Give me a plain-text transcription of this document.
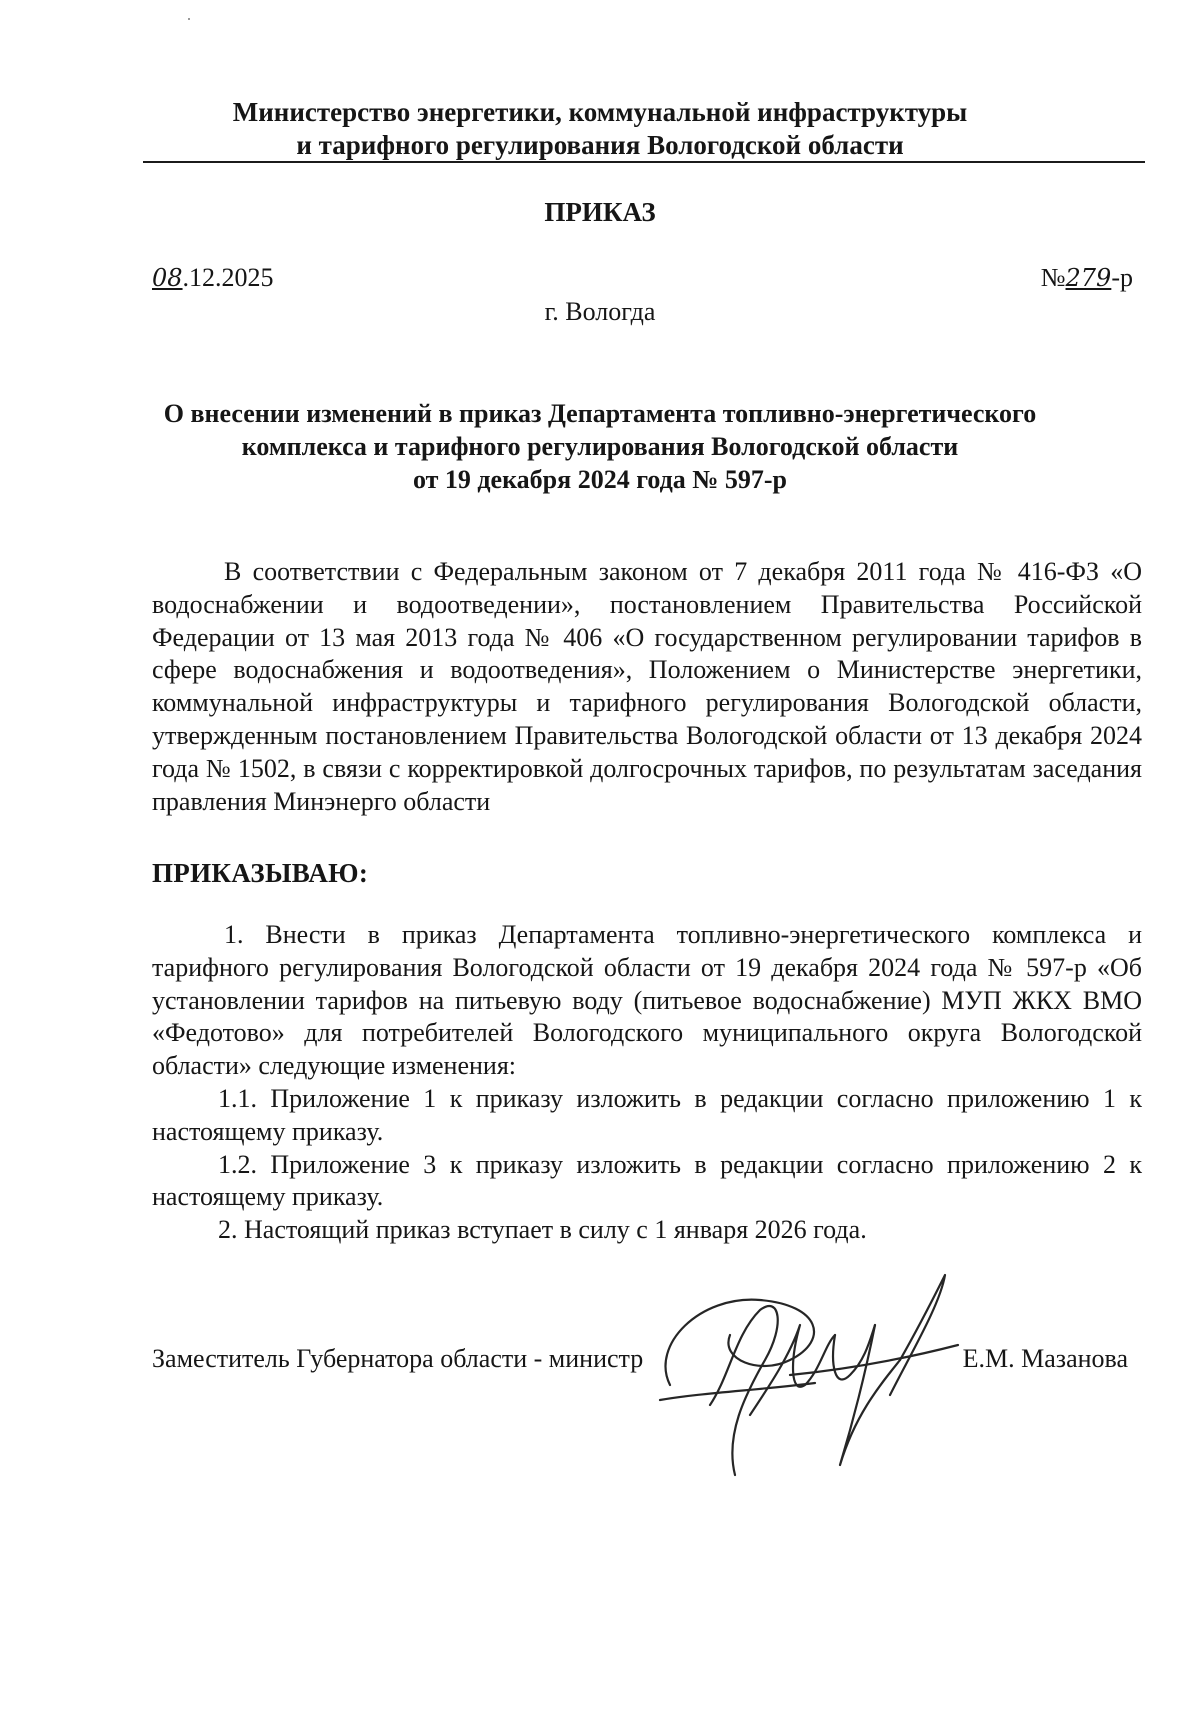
Министерство энергетики, коммунальной инфраструктуры
и тарифного регулирования Вологодской области
ПРИКАЗ
08.12.2025	№279-р
г. Вологда
О внесении изменений в приказ Департамента топливно-энергетического
комплекса и тарифного регулирования Вологодской области
от 19 декабря 2024 года № 597-р

В соответствии с Федеральным законом от 7 декабря 2011 года № 416-ФЗ «О водоснабжении и водоотведении», постановлением Правительства Российской Федерации от 13 мая 2013 года № 406 «О государственном регулировании тарифов в сфере водоснабжения и водоотведения», Положением о Министерстве энергетики, коммунальной инфраструктуры и тарифного регулирования Вологодской области, утвержденным постановлением Правительства Вологодской области от 13 декабря 2024 года № 1502, в связи с корректировкой долгосрочных тарифов, по результатам заседания правления Минэнерго области

ПРИКАЗЫВАЮ:

1. Внести в приказ Департамента топливно-энергетического комплекса и тарифного регулирования Вологодской области от 19 декабря 2024 года № 597-р «Об установлении тарифов на питьевую воду (питьевое водоснабжение) МУП ЖКХ ВМО «Федотово» для потребителей Вологодского муниципального округа Вологодской области» следующие изменения:

1.1. Приложение 1 к приказу изложить в редакции согласно приложению 1 к настоящему приказу.

1.2. Приложение 3 к приказу изложить в редакции согласно приложению 2 к настоящему приказу.

2. Настоящий приказ вступает в силу с 1 января 2026 года.

Заместитель Губернатора области - министр	Е.М. Мазанова
